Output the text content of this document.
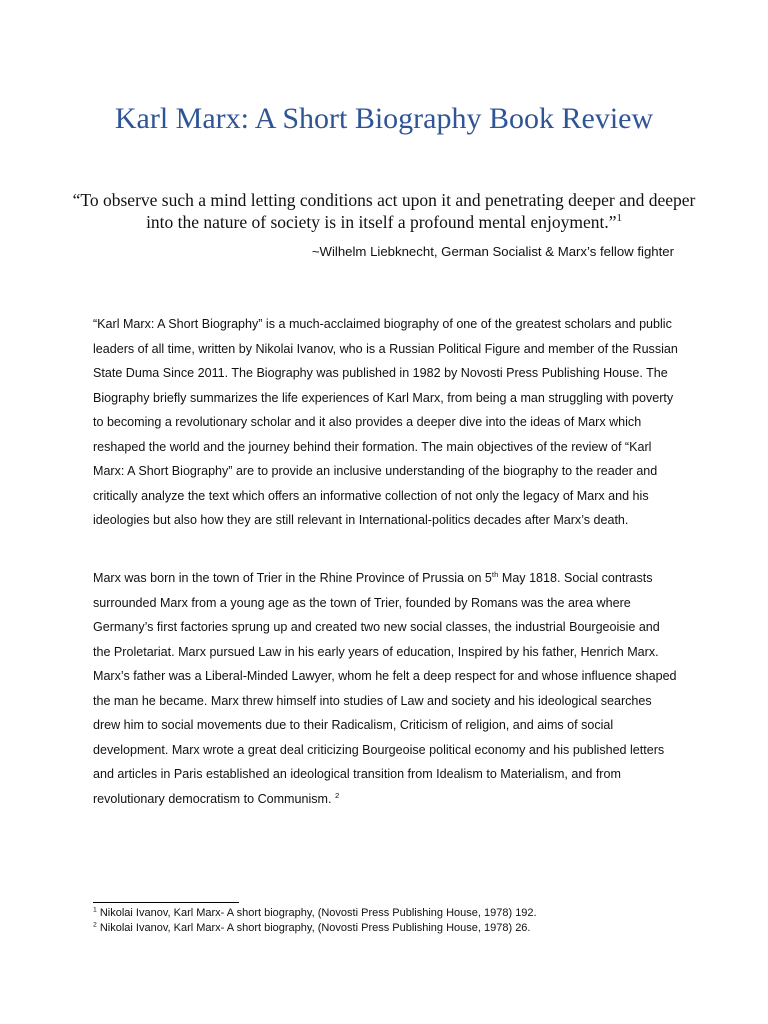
Karl Marx: A Short Biography Book Review

“To observe such a mind letting conditions act upon it and penetrating deeper and deeper into the nature of society is in itself a profound mental enjoyment.”$^1$

~Wilhelm Liebknecht, German Socialist & Marx’s fellow fighter

“Karl Marx: A Short Biography” is a much-acclaimed biography of one of the greatest scholars and public leaders of all time, written by Nikolai Ivanov, who is a Russian Political Figure and member of the Russian State Duma Since 2011. The Biography was published in 1982 by Novosti Press Publishing House. The Biography briefly summarizes the life experiences of Karl Marx, from being a man struggling with poverty to becoming a revolutionary scholar and it also provides a deeper dive into the ideas of Marx which reshaped the world and the journey behind their formation. The main objectives of the review of “Karl Marx: A Short Biography” are to provide an inclusive understanding of the biography to the reader and critically analyze the text which offers an informative collection of not only the legacy of Marx and his ideologies but also how they are still relevant in International-politics decades after Marx’s death.

Marx was born in the town of Trier in the Rhine Province of Prussia on 5th May 1818. Social contrasts surrounded Marx from a young age as the town of Trier, founded by Romans was the area where Germany’s first factories sprung up and created two new social classes, the industrial Bourgeoisie and the Proletariat. Marx pursued Law in his early years of education, Inspired by his father, Henrich Marx. Marx’s father was a Liberal-Minded Lawyer, whom he felt a deep respect for and whose influence shaped the man he became. Marx threw himself into studies of Law and society and his ideological searches drew him to social movements due to their Radicalism, Criticism of religion, and aims of social development. Marx wrote a great deal criticizing Bourgeoise political economy and his published letters and articles in Paris established an ideological transition from Idealism to Materialism, and from revolutionary democratism to Communism. $^2$

$^1$ Nikolai Ivanov, Karl Marx- A short biography, (Novosti Press Publishing House, 1978) 192.

$^2$ Nikolai Ivanov, Karl Marx- A short biography, (Novosti Press Publishing House, 1978) 26.
